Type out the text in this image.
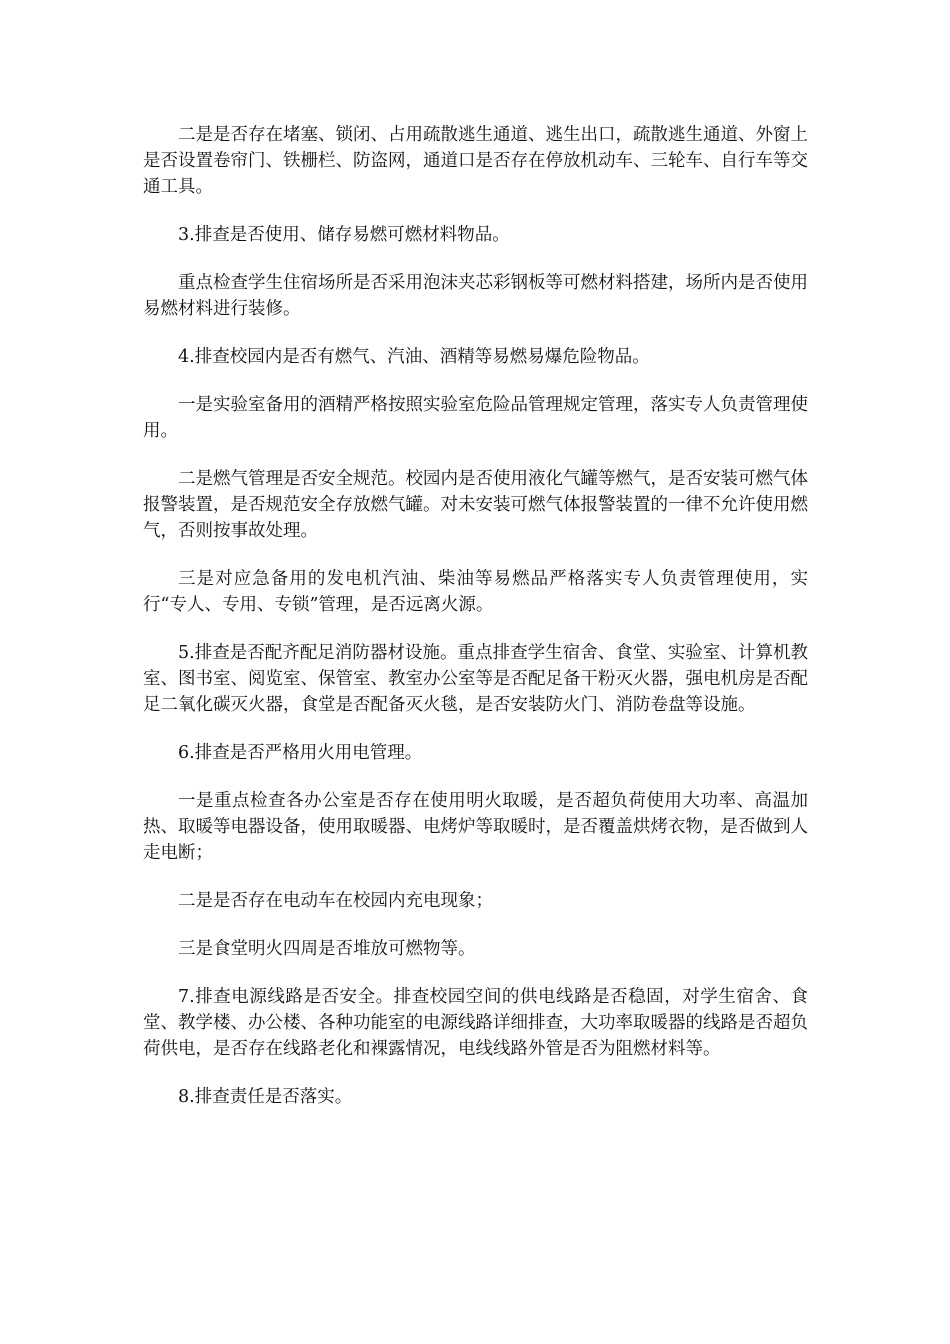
二是是否存在堵塞、锁闭、占用疏散逃生通道、逃生出口，疏散逃生通道、外窗上是否设置卷帘门、铁栅栏、防盗网，通道口是否存在停放机动车、三轮车、自行车等交通工具。

3.排查是否使用、储存易燃可燃材料物品。

重点检查学生住宿场所是否采用泡沫夹芯彩钢板等可燃材料搭建，场所内是否使用易燃材料进行装修。

4.排查校园内是否有燃气、汽油、酒精等易燃易爆危险物品。

一是实验室备用的酒精严格按照实验室危险品管理规定管理，落实专人负责管理使用。

二是燃气管理是否安全规范。校园内是否使用液化气罐等燃气，是否安装可燃气体报警装置，是否规范安全存放燃气罐。对未安装可燃气体报警装置的一律不允许使用燃气，否则按事故处理。

三是对应急备用的发电机汽油、柴油等易燃品严格落实专人负责管理使用，实行“专人、专用、专锁”管理，是否远离火源。

5.排查是否配齐配足消防器材设施。重点排查学生宿舍、食堂、实验室、计算机教室、图书室、阅览室、保管室、教室办公室等是否配足备干粉灭火器，强电机房是否配足二氧化碳灭火器，食堂是否配备灭火毯，是否安装防火门、消防卷盘等设施。

6.排查是否严格用火用电管理。

一是重点检查各办公室是否存在使用明火取暖，是否超负荷使用大功率、高温加热、取暖等电器设备，使用取暖器、电烤炉等取暖时，是否覆盖烘烤衣物，是否做到人走电断；

二是是否存在电动车在校园内充电现象；

三是食堂明火四周是否堆放可燃物等。

7.排查电源线路是否安全。排查校园空间的供电线路是否稳固，对学生宿舍、食堂、教学楼、办公楼、各种功能室的电源线路详细排查，大功率取暖器的线路是否超负荷供电，是否存在线路老化和裸露情况，电线线路外管是否为阻燃材料等。

8.排查责任是否落实。
